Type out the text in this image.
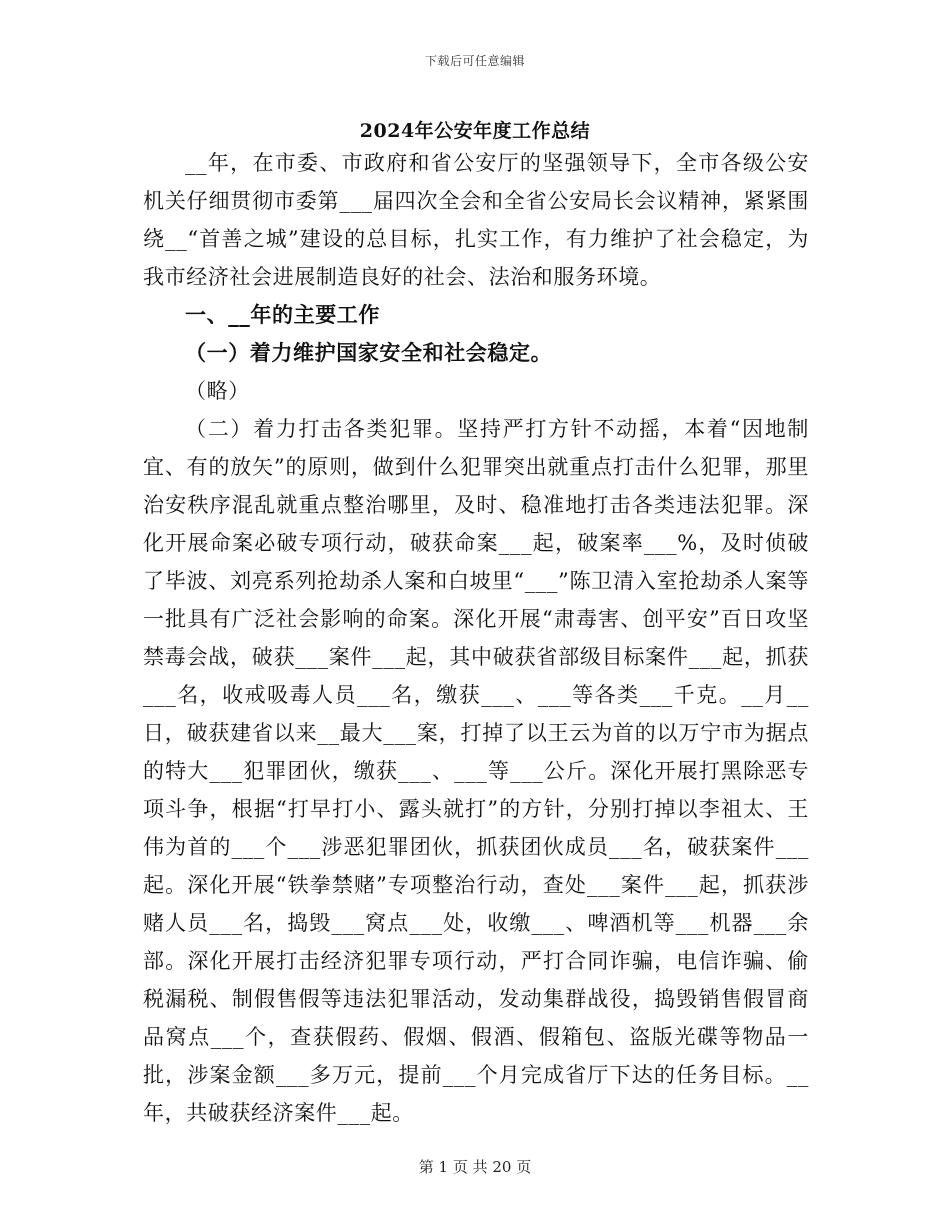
下载后可任意编辑
2024年公安年度工作总结

__年，在市委、市政府和省公安厅的坚强领导下，全市各级公安机关仔细贯彻市委第___届四次全会和全省公安局长会议精神，紧紧围绕__“首善之城”建设的总目标，扎实工作，有力维护了社会稳定，为我市经济社会进展制造良好的社会、法治和服务环境。

一、__年的主要工作

（一）着力维护国家安全和社会稳定。

（略）

（二）着力打击各类犯罪。坚持严打方针不动摇，本着“因地制宜、有的放矢”的原则，做到什么犯罪突出就重点打击什么犯罪，那里治安秩序混乱就重点整治哪里，及时、稳准地打击各类违法犯罪。深化开展命案必破专项行动，破获命案___起，破案率___%，及时侦破了毕波、刘亮系列抢劫杀人案和白坡里“___”陈卫清入室抢劫杀人案等一批具有广泛社会影响的命案。深化开展“肃毒害、创平安”百日攻坚禁毒会战，破获___案件___起，其中破获省部级目标案件___起，抓获___名，收戒吸毒人员___名，缴获___、___等各类___千克。__月__日，破获建省以来__最大___案，打掉了以王云为首的以万宁市为据点的特大___犯罪团伙，缴获___、___等___公斤。深化开展打黑除恶专项斗争，根据“打早打小、露头就打”的方针，分别打掉以李祖太、王伟为首的___个___涉恶犯罪团伙，抓获团伙成员___名，破获案件___起。深化开展“铁拳禁赌”专项整治行动，查处___案件___起，抓获涉赌人员___名，捣毁___窝点___处，收缴___、啤酒机等___机器___余部。深化开展打击经济犯罪专项行动，严打合同诈骗，电信诈骗、偷税漏税、制假售假等违法犯罪活动，发动集群战役，捣毁销售假冒商品窝点___个，查获假药、假烟、假酒、假箱包、盗版光碟等物品一批，涉案金额___多万元，提前___个月完成省厅下达的任务目标。__年，共破获经济案件___起。

第 1 页 共 20 页
